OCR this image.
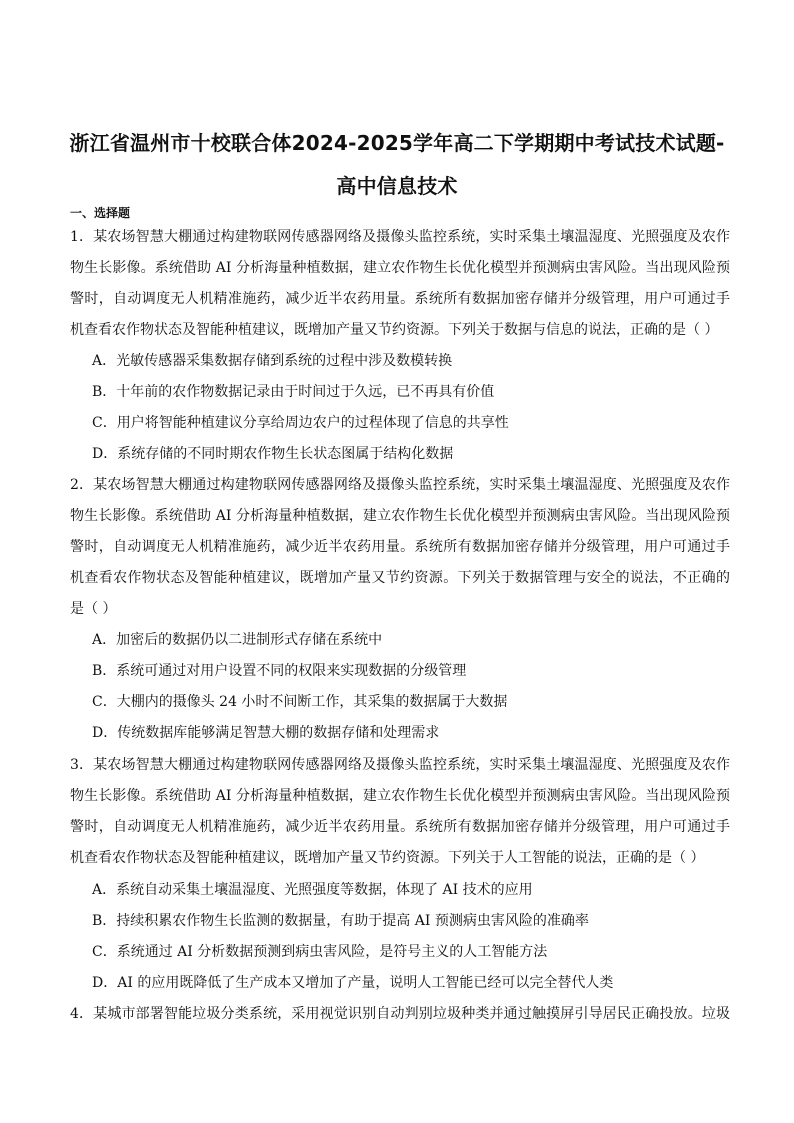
浙江省温州市十校联合体2024-2025学年高二下学期期中考试技术试题-
高中信息技术
一、选择题
1．某农场智慧大棚通过构建物联网传感器网络及摄像头监控系统，实时采集土壤温湿度、光照强度及农作
物生长影像。系统借助 AI 分析海量种植数据，建立农作物生长优化模型并预测病虫害风险。当出现风险预
警时，自动调度无人机精准施药，减少近半农药用量。系统所有数据加密存储并分级管理，用户可通过手
机查看农作物状态及智能种植建议，既增加产量又节约资源。下列关于数据与信息的说法，正确的是（ ）
A．光敏传感器采集数据存储到系统的过程中涉及数模转换
B．十年前的农作物数据记录由于时间过于久远，已不再具有价值
C．用户将智能种植建议分享给周边农户的过程体现了信息的共享性
D．系统存储的不同时期农作物生长状态图属于结构化数据
2．某农场智慧大棚通过构建物联网传感器网络及摄像头监控系统，实时采集土壤温湿度、光照强度及农作
物生长影像。系统借助 AI 分析海量种植数据，建立农作物生长优化模型并预测病虫害风险。当出现风险预
警时，自动调度无人机精准施药，减少近半农药用量。系统所有数据加密存储并分级管理，用户可通过手
机查看农作物状态及智能种植建议，既增加产量又节约资源。下列关于数据管理与安全的说法，不正确的
是（ ）
A．加密后的数据仍以二进制形式存储在系统中
B．系统可通过对用户设置不同的权限来实现数据的分级管理
C．大棚内的摄像头 24 小时不间断工作，其采集的数据属于大数据
D．传统数据库能够满足智慧大棚的数据存储和处理需求
3．某农场智慧大棚通过构建物联网传感器网络及摄像头监控系统，实时采集土壤温湿度、光照强度及农作
物生长影像。系统借助 AI 分析海量种植数据，建立农作物生长优化模型并预测病虫害风险。当出现风险预
警时，自动调度无人机精准施药，减少近半农药用量。系统所有数据加密存储并分级管理，用户可通过手
机查看农作物状态及智能种植建议，既增加产量又节约资源。下列关于人工智能的说法，正确的是（ ）
A．系统自动采集土壤温湿度、光照强度等数据，体现了 AI 技术的应用
B．持续积累农作物生长监测的数据量，有助于提高 AI 预测病虫害风险的准确率
C．系统通过 AI 分析数据预测到病虫害风险，是符号主义的人工智能方法
D．AI 的应用既降低了生产成本又增加了产量，说明人工智能已经可以完全替代人类
4．某城市部署智能垃圾分类系统，采用视觉识别自动判别垃圾种类并通过触摸屏引导居民正确投放。垃圾
